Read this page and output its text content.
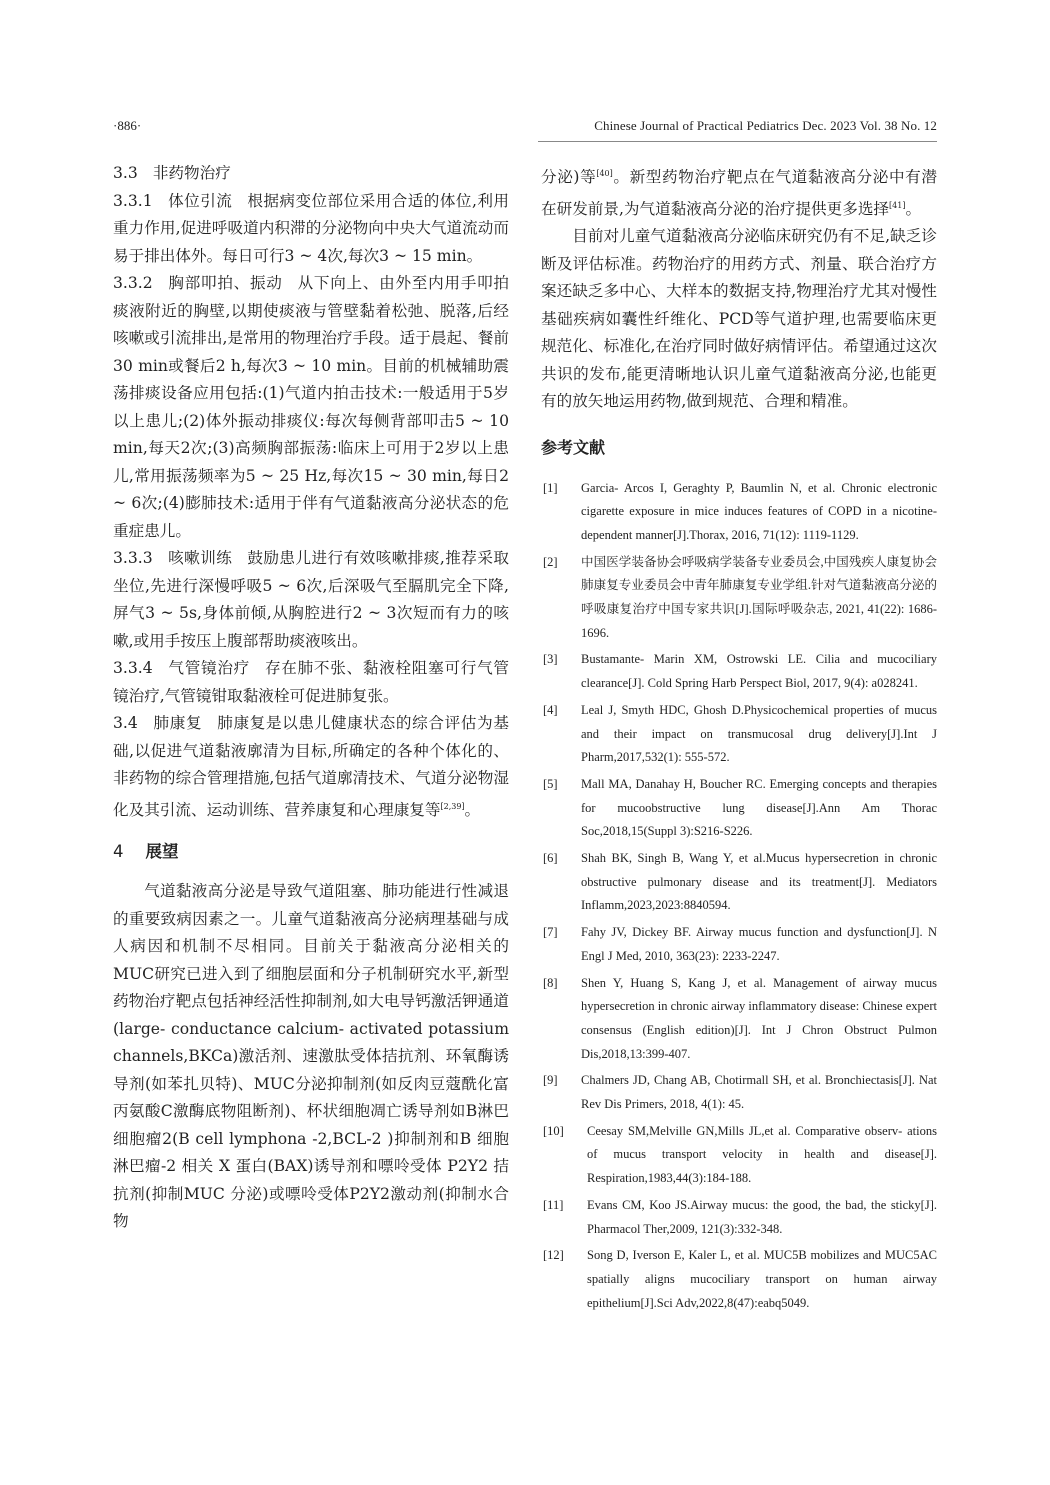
·886·	Chinese Journal of Practical Pediatrics Dec. 2023 Vol. 38 No. 12

3.3 非药物治疗

3.3.1 体位引流 根据病变位部位采用合适的体位,利用重力作用,促进呼吸道内积滞的分泌物向中央大气道流动而易于排出体外。每日可行3 ~ 4次,每次3 ~ 15 min。

3.3.2 胸部叩拍、振动 从下向上、由外至内用手叩拍痰液附近的胸壁,以期使痰液与管壁黏着松弛、脱落,后经咳嗽或引流排出,是常用的物理治疗手段。适于晨起、餐前30 min或餐后2 h,每次3 ~ 10 min。目前的机械辅助震荡排痰设备应用包括:(1)气道内拍击技术:一般适用于5岁以上患儿;(2)体外振动排痰仪:每次每侧背部叩击5 ~ 10 min,每天2次;(3)高频胸部振荡:临床上可用于2岁以上患儿,常用振荡频率为5 ~ 25 Hz,每次15 ~ 30 min,每日2 ~ 6次;(4)膨肺技术:适用于伴有气道黏液高分泌状态的危重症患儿。

3.3.3 咳嗽训练 鼓励患儿进行有效咳嗽排痰,推荐采取坐位,先进行深慢呼吸5 ~ 6次,后深吸气至膈肌完全下降,屏气3 ~ 5s,身体前倾,从胸腔进行2 ~ 3次短而有力的咳嗽,或用手按压上腹部帮助痰液咳出。

3.3.4 气管镜治疗 存在肺不张、黏液栓阻塞可行气管镜治疗,气管镜钳取黏液栓可促进肺复张。

3.4 肺康复 肺康复是以患儿健康状态的综合评估为基础,以促进气道黏液廓清为目标,所确定的各种个体化的、非药物的综合管理措施,包括气道廓清技术、气道分泌物湿化及其引流、运动训练、营养康复和心理康复等[2,39]。

4 展望

气道黏液高分泌是导致气道阻塞、肺功能进行性减退的重要致病因素之一。儿童气道黏液高分泌病理基础与成人病因和机制不尽相同。目前关于黏液高分泌相关的MUC研究已进入到了细胞层面和分子机制研究水平,新型药物治疗靶点包括神经活性抑制剂,如大电导钙激活钾通道(large- conductance calcium- activated potassium channels,BKCa)激活剂、速激肽受体拮抗剂、环氧酶诱导剂(如苯扎贝特)、MUC分泌抑制剂(如反肉豆蔻酰化富丙氨酸C激酶底物阻断剂)、杯状细胞凋亡诱导剂如B淋巴细胞瘤2(B cell lymphona -2,BCL-2 )抑制剂和B 细胞淋巴瘤-2 相关 X 蛋白(BAX)诱导剂和嘌呤受体 P2Y2 拮抗剂(抑制MUC 分泌)或嘌呤受体P2Y2激动剂(抑制水合物

分泌)等[40]。新型药物治疗靶点在气道黏液高分泌中有潜在研发前景,为气道黏液高分泌的治疗提供更多选择[41]。

目前对儿童气道黏液高分泌临床研究仍有不足,缺乏诊断及评估标准。药物治疗的用药方式、剂量、联合治疗方案还缺乏多中心、大样本的数据支持,物理治疗尤其对慢性基础疾病如囊性纤维化、PCD等气道护理,也需要临床更规范化、标准化,在治疗同时做好病情评估。希望通过这次共识的发布,能更清晰地认识儿童气道黏液高分泌,也能更有的放矢地运用药物,做到规范、合理和精准。

参考文献
[1]	Garcia- Arcos I, Geraghty P, Baumlin N, et al. Chronic electronic cigarette exposure in mice induces features of COPD in a nicotine- dependent manner[J].Thorax, 2016, 71(12): 1119-1129.
[2]	中国医学装备协会呼吸病学装备专业委员会,中国残疾人康复协会肺康复专业委员会中青年肺康复专业学组.针对气道黏液高分泌的呼吸康复治疗中国专家共识[J].国际呼吸杂志, 2021, 41(22): 1686-1696.
[3]	Bustamante- Marin XM, Ostrowski LE. Cilia and mucociliary clearance[J]. Cold Spring Harb Perspect Biol, 2017, 9(4): a028241.
[4]	Leal J, Smyth HDC, Ghosh D.Physicochemical properties of mucus and their impact on transmucosal drug delivery[J].Int J Pharm,2017,532(1): 555-572.
[5]	Mall MA, Danahay H, Boucher RC. Emerging concepts and therapies for mucoobstructive lung disease[J].Ann Am Thorac Soc,2018,15(Suppl 3):S216-S226.
[6]	Shah BK, Singh B, Wang Y, et al.Mucus hypersecretion in chronic obstructive pulmonary disease and its treatment[J]. Mediators Inflamm,2023,2023:8840594.
[7]	Fahy JV, Dickey BF. Airway mucus function and dysfunction[J]. N Engl J Med, 2010, 363(23): 2233-2247.
[8]	Shen Y, Huang S, Kang J, et al. Management of airway mucus hypersecretion in chronic airway inflammatory disease: Chinese expert consensus (English edition)[J]. Int J Chron Obstruct Pulmon Dis,2018,13:399-407.
[9]	Chalmers JD, Chang AB, Chotirmall SH, et al. Bronchiectasis[J]. Nat Rev Dis Primers, 2018, 4(1): 45.
[10]	Ceesay SM,Melville GN,Mills JL,et al. Comparative observ- ations of mucus transport velocity in health and disease[J]. Respiration,1983,44(3):184-188.
[11]	Evans CM, Koo JS.Airway mucus: the good, the bad, the sticky[J]. Pharmacol Ther,2009, 121(3):332-348.
[12]	Song D, Iverson E, Kaler L, et al. MUC5B mobilizes and MUC5AC spatially aligns mucociliary transport on human airway epithelium[J].Sci Adv,2022,8(47):eabq5049.
